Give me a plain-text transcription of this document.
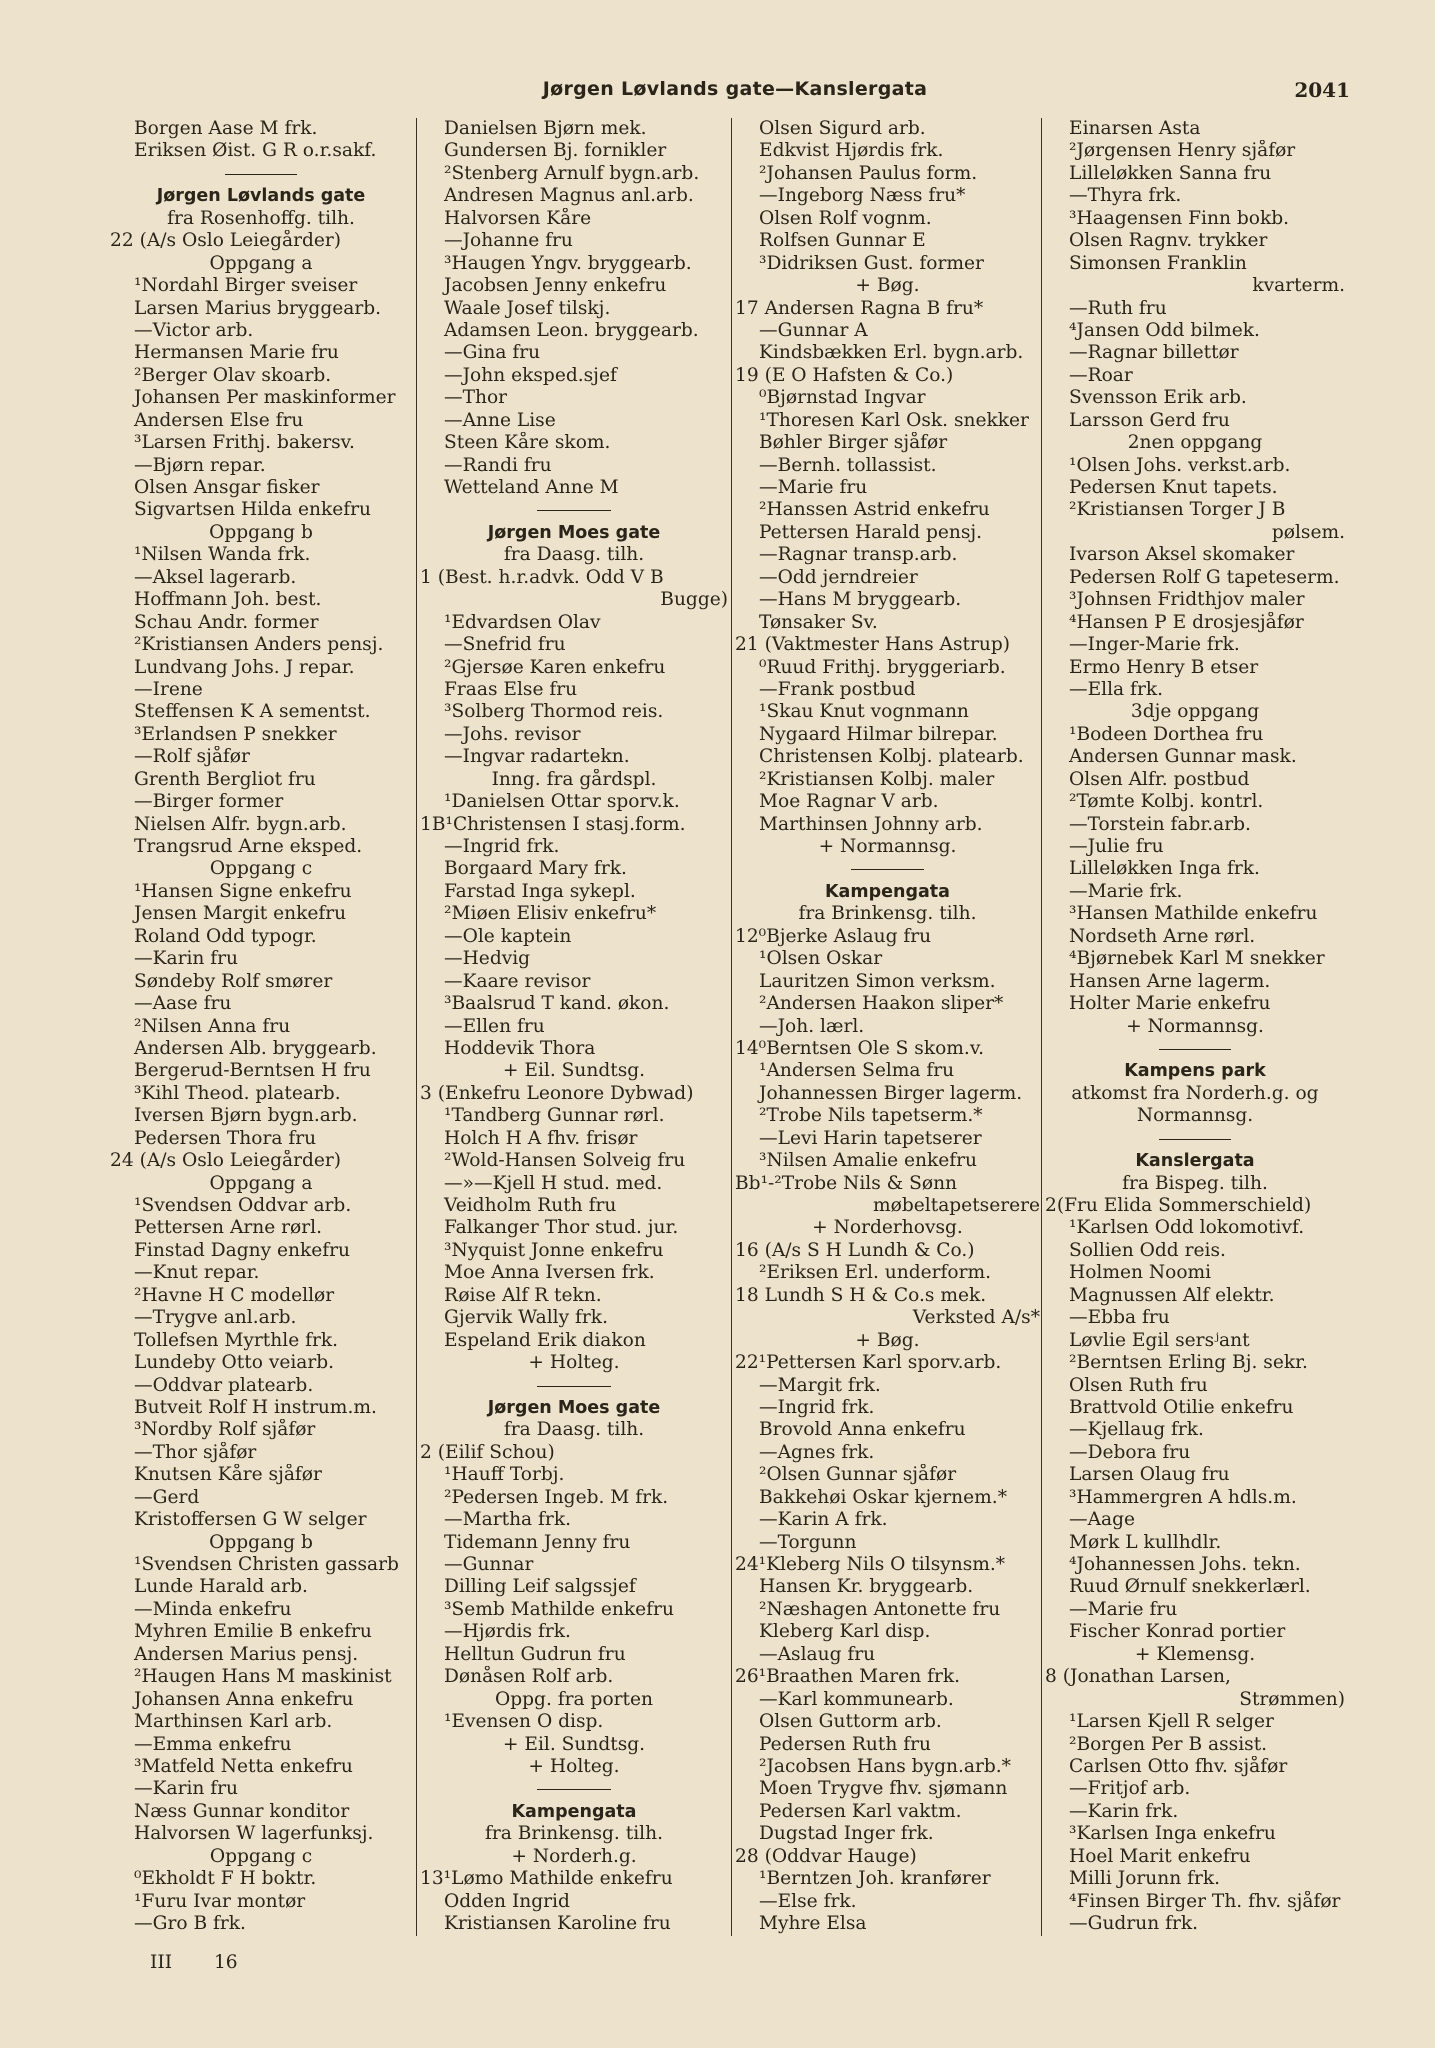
Jørgen Løvlands gate—Kanslergata	2041
Borgen Aase M frk.
Eriksen Øist. G R o.r.sakf.
Jørgen Løvlands gate
fra Rosenhoffg. tilh.
22 (A/s Oslo Leiegårder)
Oppgang a
¹Nordahl Birger sveiser
Larsen Marius bryggearb.
—Victor arb.
Hermansen Marie fru
²Berger Olav skoarb.
Johansen Per maskinformer
Andersen Else fru
³Larsen Frithj. bakersv.
—Bjørn repar.
Olsen Ansgar fisker
Sigvartsen Hilda enkefru
Oppgang b
¹Nilsen Wanda frk.
—Aksel lagerarb.
Hoffmann Joh. best.
Schau Andr. former
²Kristiansen Anders pensj.
Lundvang Johs. J repar.
—Irene
Steffensen K A sementst.
³Erlandsen P snekker
—Rolf sjåfør
Grenth Bergliot fru
—Birger former
Nielsen Alfr. bygn.arb.
Trangsrud Arne eksped.
Oppgang c
¹Hansen Signe enkefru
Jensen Margit enkefru
Roland Odd typogr.
—Karin fru
Søndeby Rolf smører
—Aase fru
²Nilsen Anna fru
Andersen Alb. bryggearb.
Bergerud-Berntsen H fru
³Kihl Theod. platearb.
Iversen Bjørn bygn.arb.
Pedersen Thora fru
24 (A/s Oslo Leiegårder)
Oppgang a
¹Svendsen Oddvar arb.
Pettersen Arne rørl.
Finstad Dagny enkefru
—Knut repar.
²Havne H C modellør
—Trygve anl.arb.
Tollefsen Myrthle frk.
Lundeby Otto veiarb.
—Oddvar platearb.
Butveit Rolf H instrum.m.
³Nordby Rolf sjåfør
—Thor sjåfør
Knutsen Kåre sjåfør
—Gerd
Kristoffersen G W selger
Oppgang b
¹Svendsen Christen gassarb
Lunde Harald arb.
—Minda enkefru
Myhren Emilie B enkefru
Andersen Marius pensj.
²Haugen Hans M maskinist
Johansen Anna enkefru
Marthinsen Karl arb.
—Emma enkefru
³Matfeld Netta enkefru
—Karin fru
Næss Gunnar konditor
Halvorsen W lagerfunksj.
Oppgang c
⁰Ekholdt F H boktr.
¹Furu Ivar montør
—Gro B frk.
Danielsen Bjørn mek.
Gundersen Bj. fornikler
²Stenberg Arnulf bygn.arb.
Andresen Magnus anl.arb.
Halvorsen Kåre
—Johanne fru
³Haugen Yngv. bryggearb.
Jacobsen Jenny enkefru
Waale Josef tilskj.
Adamsen Leon. bryggearb.
—Gina fru
—John eksped.sjef
—Thor
—Anne Lise
Steen Kåre skom.
—Randi fru
Wetteland Anne M
Jørgen Moes gate
fra Daasg. tilh.
1 (Best. h.r.advk. Odd V B
Bugge)
¹Edvardsen Olav
—Snefrid fru
²Gjersøe Karen enkefru
Fraas Else fru
³Solberg Thormod reis.
—Johs. revisor
—Ingvar radartekn.
Inng. fra gårdspl.
¹Danielsen Ottar sporv.k.
1B¹Christensen I stasj.form.
—Ingrid frk.
Borgaard Mary frk.
Farstad Inga sykepl.
²Miøen Elisiv enkefru*
—Ole kaptein
—Hedvig
—Kaare revisor
³Baalsrud T kand. økon.
—Ellen fru
Hoddevik Thora
+ Eil. Sundtsg.
3 (Enkefru Leonore Dybwad)
¹Tandberg Gunnar rørl.
Holch H A fhv. frisør
²Wold-Hansen Solveig fru
—»—Kjell H stud. med.
Veidholm Ruth fru
Falkanger Thor stud. jur.
³Nyquist Jonne enkefru
Moe Anna Iversen frk.
Røise Alf R tekn.
Gjervik Wally frk.
Espeland Erik diakon
+ Holteg.
Jørgen Moes gate
fra Daasg. tilh.
2 (Eilif Schou)
¹Hauff Torbj.
²Pedersen Ingeb. M frk.
—Martha frk.
Tidemann Jenny fru
—Gunnar
Dilling Leif salgssjef
³Semb Mathilde enkefru
—Hjørdis frk.
Helltun Gudrun fru
Dønåsen Rolf arb.
Oppg. fra porten
¹Evensen O disp.
+ Eil. Sundtsg.
+ Holteg.
Kampengata
fra Brinkensg. tilh.
+ Norderh.g.
13¹Lømo Mathilde enkefru
Odden Ingrid
Kristiansen Karoline fru
Olsen Sigurd arb.
Edkvist Hjørdis frk.
²Johansen Paulus form.
—Ingeborg Næss fru*
Olsen Rolf vognm.
Rolfsen Gunnar E
³Didriksen Gust. former
+ Bøg.
17 Andersen Ragna B fru*
—Gunnar A
Kindsbækken Erl. bygn.arb.
19 (E O Hafsten & Co.)
⁰Bjørnstad Ingvar
¹Thoresen Karl Osk. snekker
Bøhler Birger sjåfør
—Bernh. tollassist.
—Marie fru
²Hanssen Astrid enkefru
Pettersen Harald pensj.
—Ragnar transp.arb.
—Odd jerndreier
—Hans M bryggearb.
Tønsaker Sv.
21 (Vaktmester Hans Astrup)
⁰Ruud Frithj. bryggeriarb.
—Frank postbud
¹Skau Knut vognmann
Nygaard Hilmar bilrepar.
Christensen Kolbj. platearb.
²Kristiansen Kolbj. maler
Moe Ragnar V arb.
Marthinsen Johnny arb.
+ Normannsg.
Kampengata
fra Brinkensg. tilh.
12⁰Bjerke Aslaug fru
¹Olsen Oskar
Lauritzen Simon verksm.
²Andersen Haakon sliper*
—Joh. lærl.
14⁰Berntsen Ole S skom.v.
¹Andersen Selma fru
Johannessen Birger lagerm.
²Trobe Nils tapetserm.*
—Levi Harin tapetserer
³Nilsen Amalie enkefru
Bb¹-²Trobe Nils & Sønn
møbeltapetserere
+ Norderhovsg.
16 (A/s S H Lundh & Co.)
²Eriksen Erl. underform.
18 Lundh S H & Co.s mek.
Verksted A/s*
+ Bøg.
22¹Pettersen Karl sporv.arb.
—Margit frk.
—Ingrid frk.
Brovold Anna enkefru
—Agnes frk.
²Olsen Gunnar sjåfør
Bakkehøi Oskar kjernem.*
—Karin A frk.
—Torgunn
24¹Kleberg Nils O tilsynsm.*
Hansen Kr. bryggearb.
²Næshagen Antonette fru
Kleberg Karl disp.
—Aslaug fru
26¹Braathen Maren frk.
—Karl kommunearb.
Olsen Guttorm arb.
Pedersen Ruth fru
²Jacobsen Hans bygn.arb.*
Moen Trygve fhv. sjømann
Pedersen Karl vaktm.
Dugstad Inger frk.
28 (Oddvar Hauge)
¹Berntzen Joh. kranfører
—Else frk.
Myhre Elsa
Einarsen Asta
²Jørgensen Henry sjåfør
Lilleløkken Sanna fru
—Thyra frk.
³Haagensen Finn bokb.
Olsen Ragnv. trykker
Simonsen Franklin
kvarterm.
—Ruth fru
⁴Jansen Odd bilmek.
—Ragnar billettør
—Roar
Svensson Erik arb.
Larsson Gerd fru
2nen oppgang
¹Olsen Johs. verkst.arb.
Pedersen Knut tapets.
²Kristiansen Torger J B
pølsem.
Ivarson Aksel skomaker
Pedersen Rolf G tapeteserm.
³Johnsen Fridthjov maler
⁴Hansen P E drosjesjåfør
—Inger-Marie frk.
Ermo Henry B etser
—Ella frk.
3dje oppgang
¹Bodeen Dorthea fru
Andersen Gunnar mask.
Olsen Alfr. postbud
²Tømte Kolbj. kontrl.
—Torstein fabr.arb.
—Julie fru
Lilleløkken Inga frk.
—Marie frk.
³Hansen Mathilde enkefru
Nordseth Arne rørl.
⁴Bjørnebek Karl M snekker
Hansen Arne lagerm.
Holter Marie enkefru
+ Normannsg.
Kampens park
atkomst fra Norderh.g. og
Normannsg.
Kanslergata
fra Bispeg. tilh.
2(Fru Elida Sommerschield)
¹Karlsen Odd lokomotivf.
Sollien Odd reis.
Holmen Noomi
Magnussen Alf elektr.
—Ebba fru
Løvlie Egil sersʲant
²Berntsen Erling Bj. sekr.
Olsen Ruth fru
Brattvold Otilie enkefru
—Kjellaug frk.
—Debora fru
Larsen Olaug fru
³Hammergren A hdls.m.
—Aage
Mørk L kullhdlr.
⁴Johannessen Johs. tekn.
Ruud Ørnulf snekkerlærl.
—Marie fru
Fischer Konrad portier
+ Klemensg.
8 (Jonathan Larsen,
Strømmen)
¹Larsen Kjell R selger
²Borgen Per B assist.
Carlsen Otto fhv. sjåfør
—Fritjof arb.
—Karin frk.
³Karlsen Inga enkefru
Hoel Marit enkefru
Milli Jorunn frk.
⁴Finsen Birger Th. fhv. sjåfør
—Gudrun frk.
III 16
